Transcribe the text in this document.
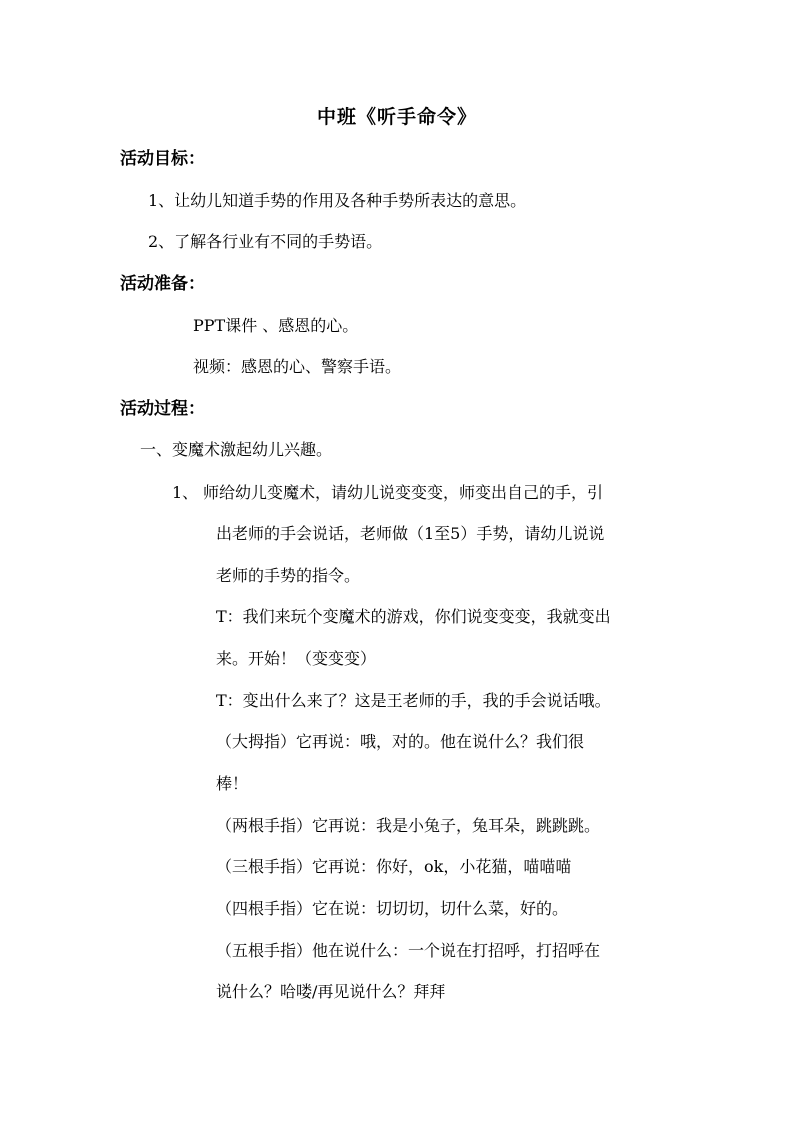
中班《听手命令》
活动目标：
1、让幼儿知道手势的作用及各种手势所表达的意思。
2、了解各行业有不同的手势语。
活动准备：
PPT课件 、感恩的心。
视频：感恩的心、警察手语。
活动过程：
一、变魔术激起幼儿兴趣。
1、 师给幼儿变魔术，请幼儿说变变变，师变出自己的手，引
出老师的手会说话，老师做（1至5）手势，请幼儿说说
老师的手势的指令。
T：我们来玩个变魔术的游戏，你们说变变变，我就变出
来。开始！（变变变）
T：变出什么来了？这是王老师的手，我的手会说话哦。
（大拇指）它再说：哦，对的。他在说什么？我们很
棒！
（两根手指）它再说：我是小兔子，兔耳朵，跳跳跳。
（三根手指）它再说：你好，ok，小花猫，喵喵喵
（四根手指）它在说：切切切，切什么菜，好的。
（五根手指）他在说什么：一个说在打招呼，打招呼在
说什么？哈喽/再见说什么？拜拜
